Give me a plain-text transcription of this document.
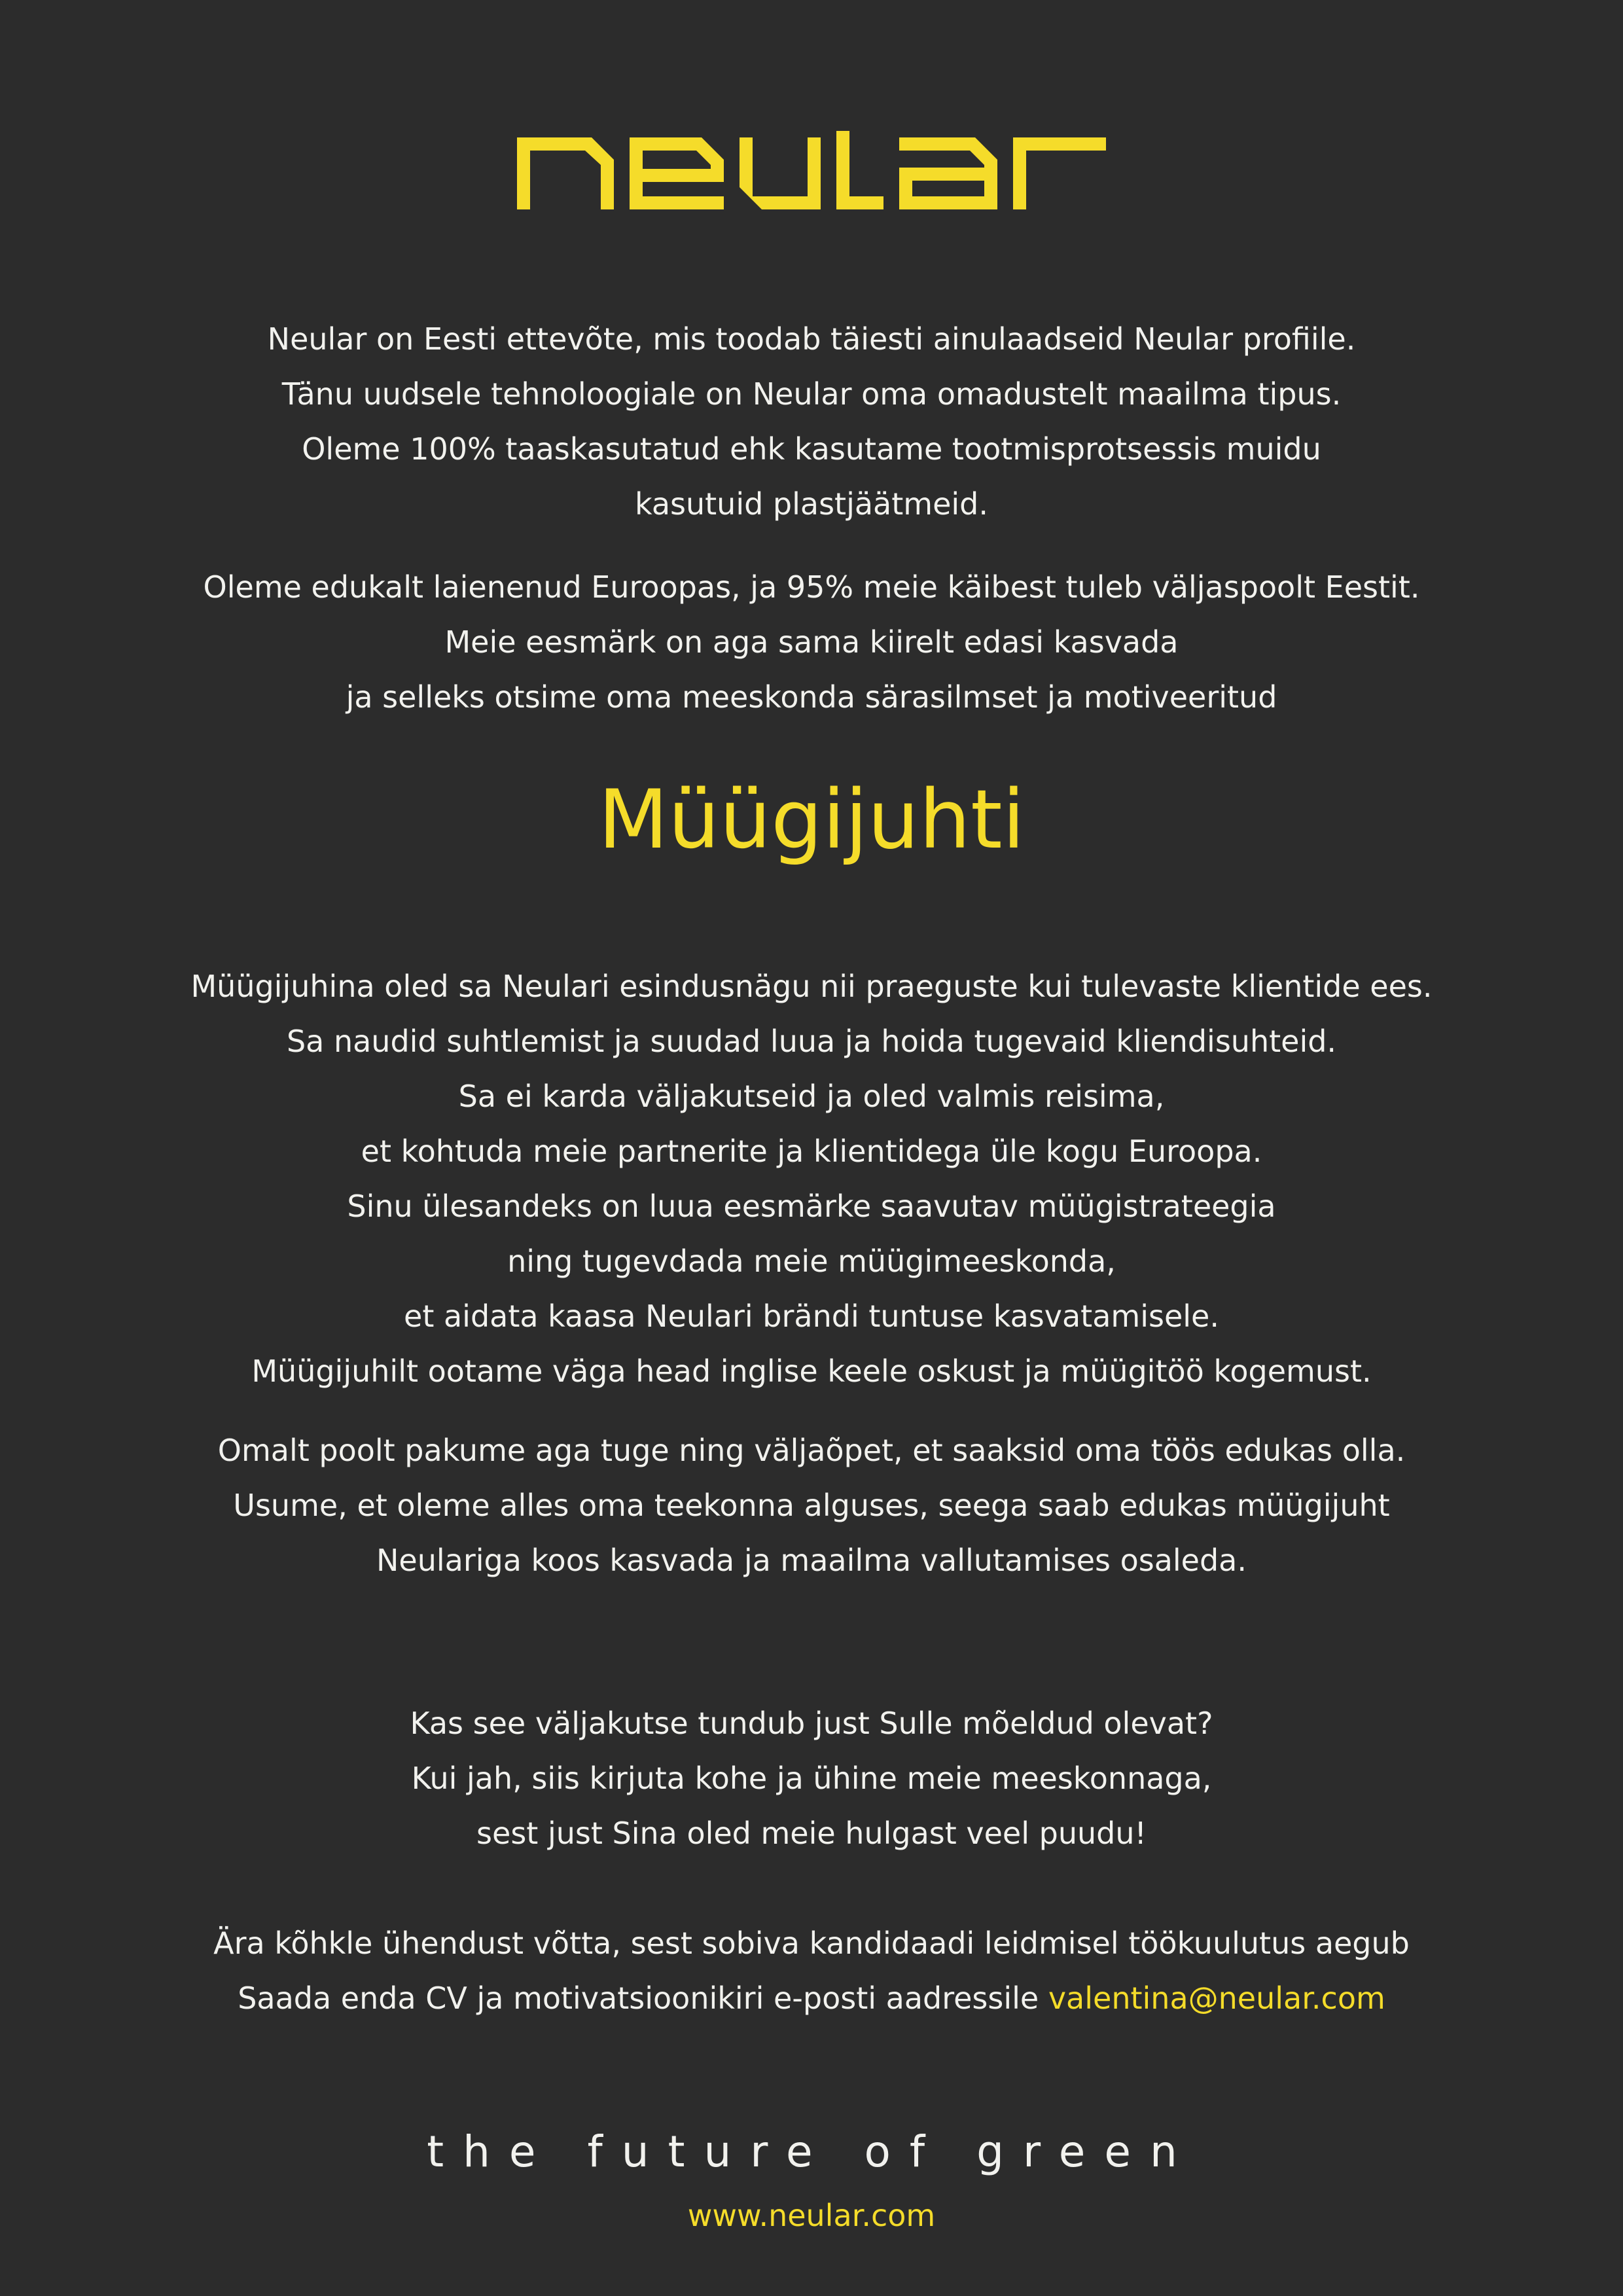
Neular on Eesti ettevõte, mis toodab täiesti ainulaadseid Neular profiile.
Tänu uudsele tehnoloogiale on Neular oma omadustelt maailma tipus.
Oleme 100% taaskasutatud ehk kasutame tootmisprotsessis muidu
kasutuid plastjäätmeid.

Oleme edukalt laienenud Euroopas, ja 95% meie käibest tuleb väljaspoolt Eestit.
Meie eesmärk on aga sama kiirelt edasi kasvada
ja selleks otsime oma meeskonda särasilmset ja motiveeritud

Müügijuhti

Müügijuhina oled sa Neulari esindusnägu nii praeguste kui tulevaste klientide ees.
Sa naudid suhtlemist ja suudad luua ja hoida tugevaid kliendisuhteid.
Sa ei karda väljakutseid ja oled valmis reisima,
et kohtuda meie partnerite ja klientidega üle kogu Euroopa.
Sinu ülesandeks on luua eesmärke saavutav müügistrateegia
ning tugevdada meie müügimeeskonda,
et aidata kaasa Neulari brändi tuntuse kasvatamisele.
Müügijuhilt ootame väga head inglise keele oskust ja müügitöö kogemust.

Omalt poolt pakume aga tuge ning väljaõpet, et saaksid oma töös edukas olla.
Usume, et oleme alles oma teekonna alguses, seega saab edukas müügijuht
Neulariga koos kasvada ja maailma vallutamises osaleda.

Kas see väljakutse tundub just Sulle mõeldud olevat?
Kui jah, siis kirjuta kohe ja ühine meie meeskonnaga,
sest just Sina oled meie hulgast veel puudu!

Ära kõhkle ühendust võtta, sest sobiva kandidaadi leidmisel töökuulutus aegub
Saada enda CV ja motivatsioonikiri e-posti aadressile valentina@neular.com

the future of green

www.neular.com
